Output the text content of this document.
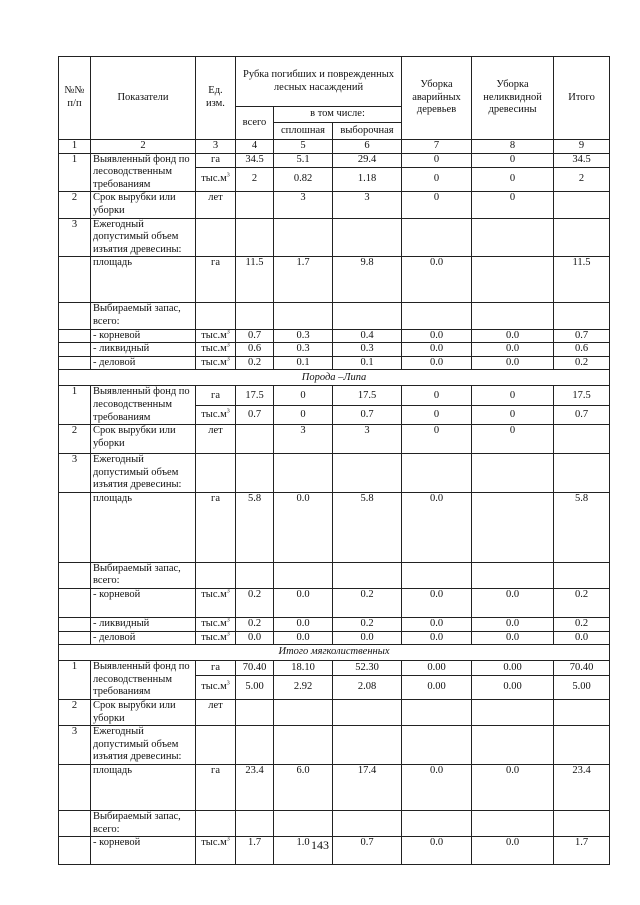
№№ п/п	Показатели	Ед. изм.	Рубка погибших и поврежденных лесных насаждений			Уборка аварийных деревьев	Уборка неликвидной древесины	Итого
			всего	в том числе:				
				сплошная	выборочная			
1	2	3	4	5	6	7	8	9
1	Выявленный фонд по лесоводственным требованиям	га	34.5	5.1	29.4	0	0	34.5
		$тыс.м^3$	2	0.82	1.18	0	0	2
2	Срок вырубки или уборки	лет		3	3	0	0	
3	Ежегодный допустимый объем изъятия древесины:							
	площадь	га	11.5	1.7	9.8	0.0		11.5
	Выбираемый запас, всего:							
	- корневой	$тыс.м^3$	0.7	0.3	0.4	0.0	0.0	0.7
	- ликвидный	$тыс.м^3$	0.6	0.3	0.3	0.0	0.0	0.6
	- деловой	$тыс.м^3$	0.2	0.1	0.1	0.0	0.0	0.2
Порода –Липа								
1	Выявленный фонд по лесоводственным требованиям	га	17.5	0	17.5	0	0	17.5
		$тыс.м^3$	0.7	0	0.7	0	0	0.7
2	Срок вырубки или уборки	лет		3	3	0	0	
3	Ежегодный допустимый объем изъятия древесины:							
	площадь	га	5.8	0.0	5.8	0.0		5.8
	Выбираемый запас, всего:							
	- корневой	$тыс.м^3$	0.2	0.0	0.2	0.0	0.0	0.2
	- ликвидный	$тыс.м^3$	0.2	0.0	0.2	0.0	0.0	0.2
	- деловой	$тыс.м^3$	0.0	0.0	0.0	0.0	0.0	0.0
Итого мягколиственных								
1	Выявленный фонд по лесоводственным требованиям	га	70.40	18.10	52.30	0.00	0.00	70.40
		$тыс.м^3$	5.00	2.92	2.08	0.00	0.00	5.00
2	Срок вырубки или уборки	лет						
3	Ежегодный допустимый объем изъятия древесины:							
	площадь	га	23.4	6.0	17.4	0.0	0.0	23.4
	Выбираемый запас, всего:							
	- корневой	$тыс.м^3$	1.7	1.0	0.7	0.0	0.0	1.7
143
